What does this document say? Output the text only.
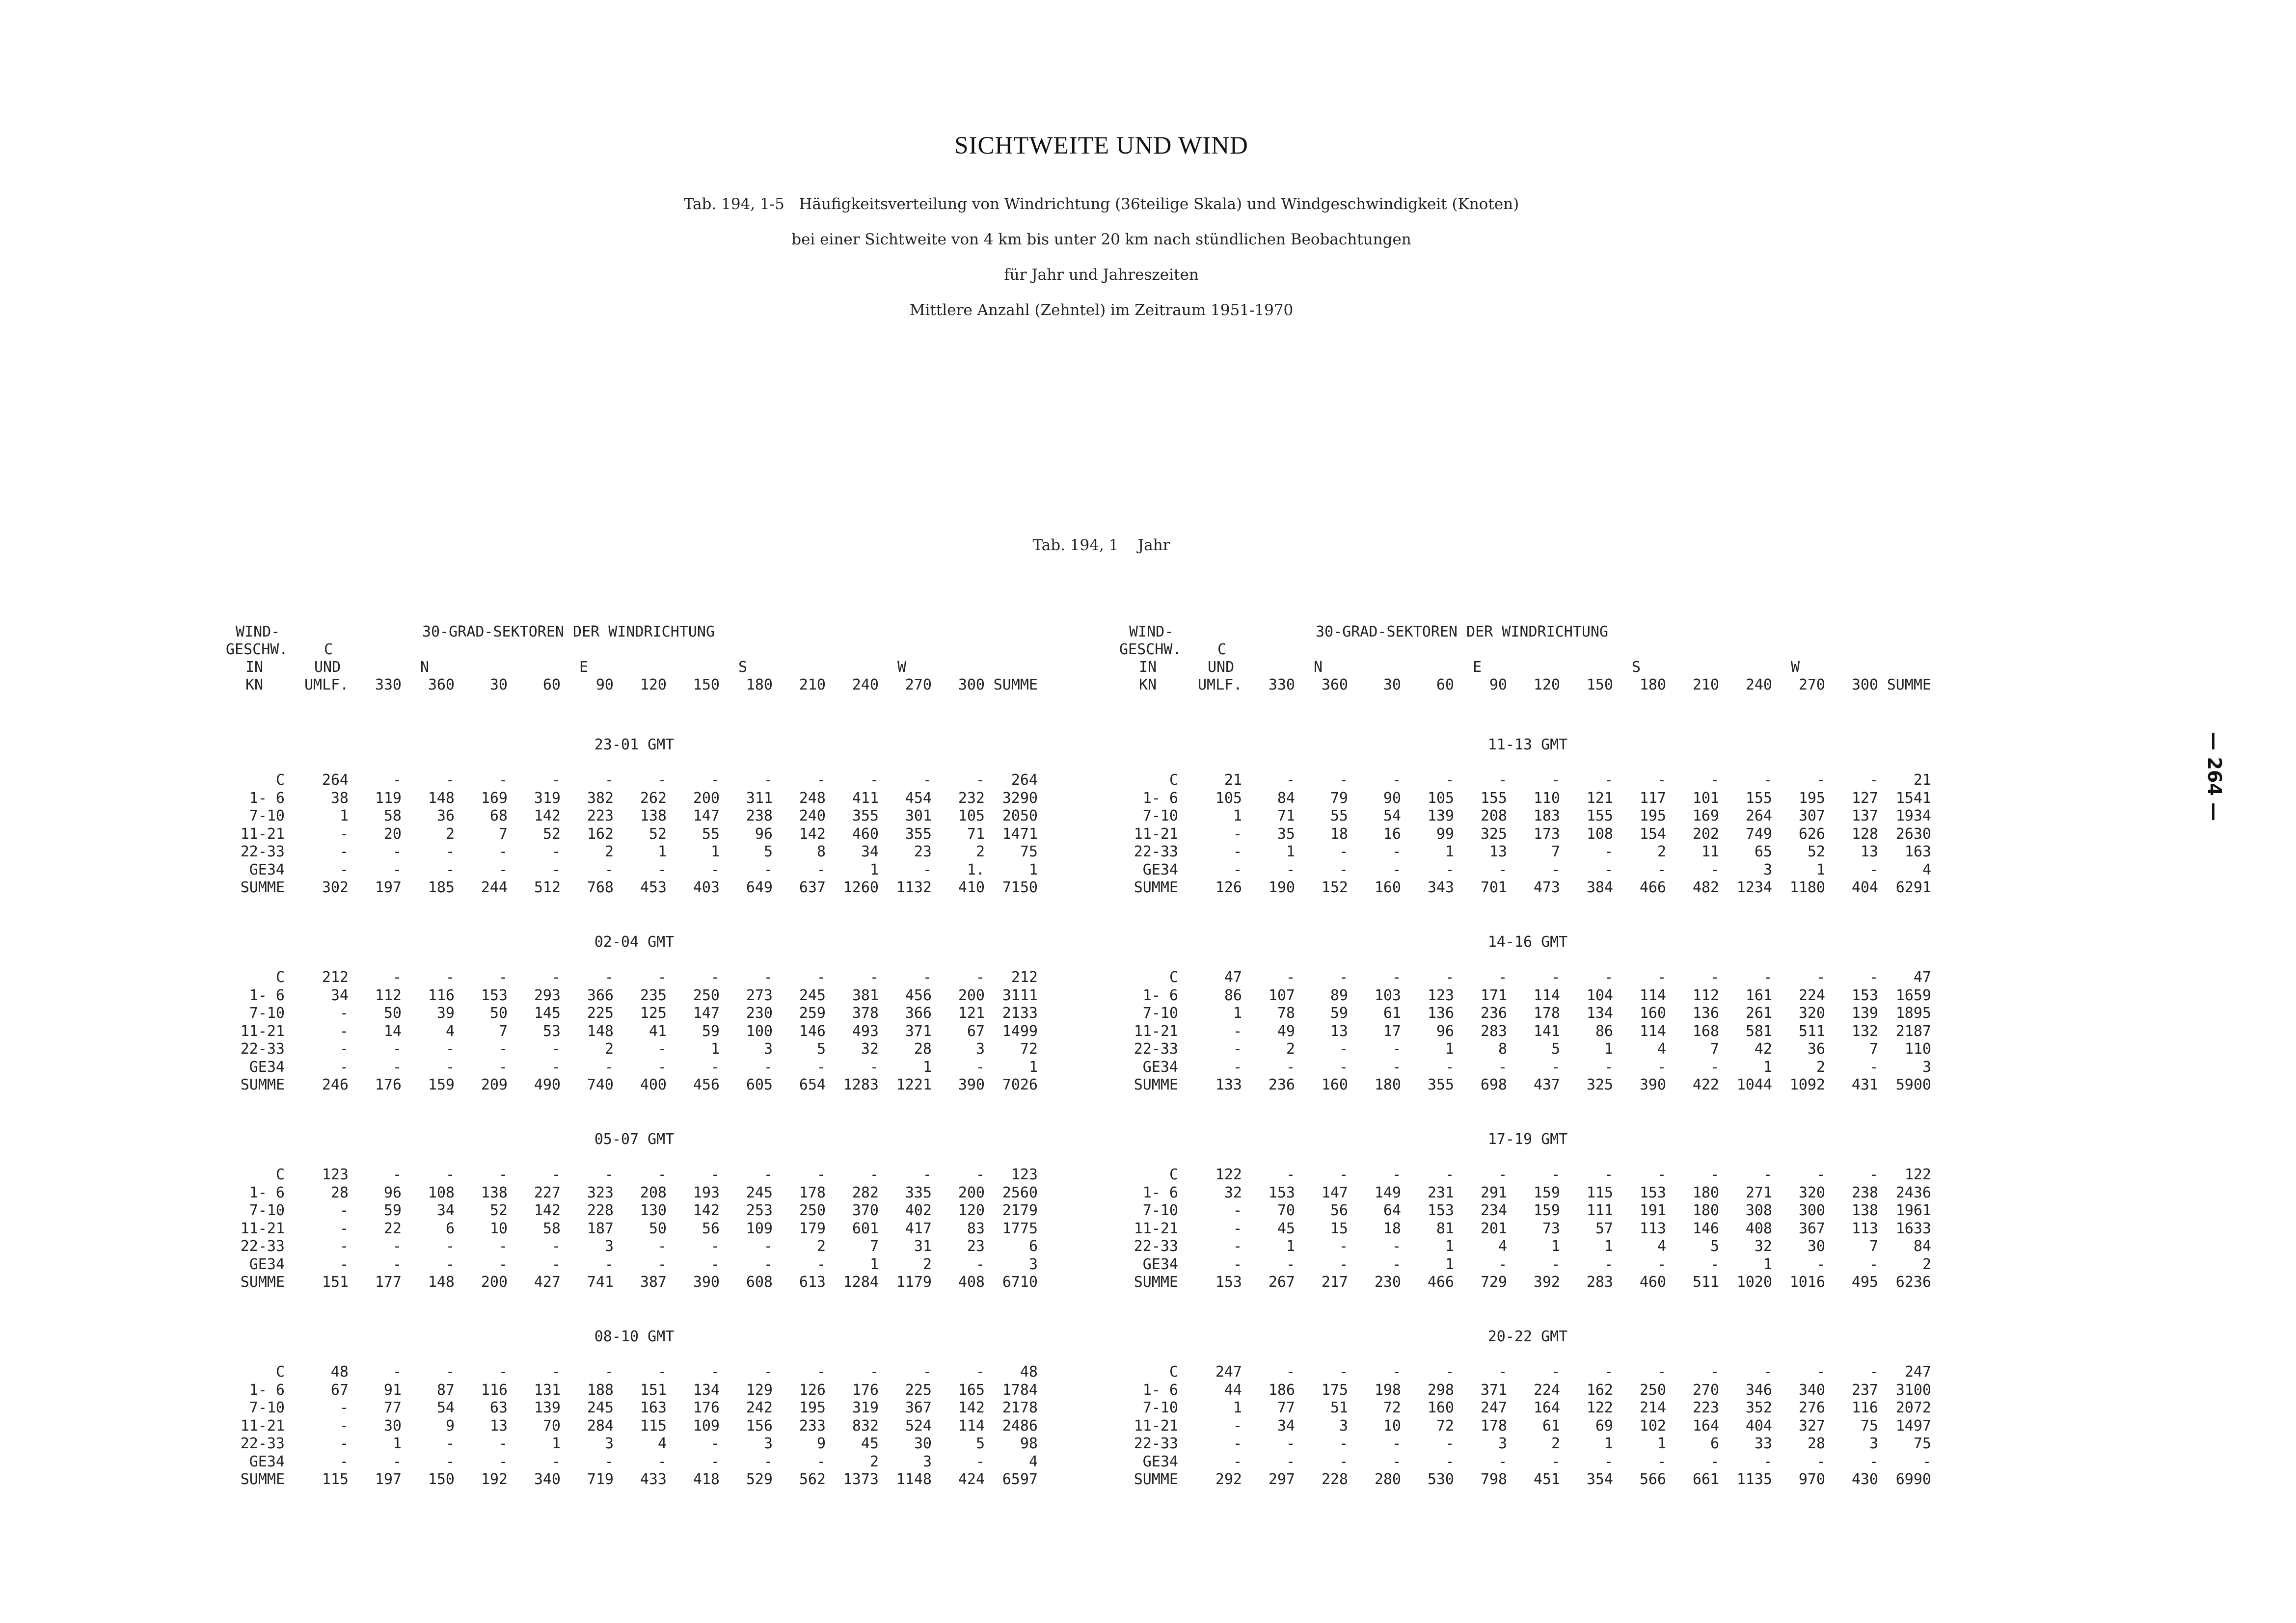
SICHTWEITE UND WIND
Tab. 194, 1-5   Häufigkeitsverteilung von Windrichtung (36teilige Skala) und Windgeschwindigkeit (Knoten)
bei einer Sichtweite von 4 km bis unter 20 km nach stündlichen Beobachtungen
für Jahr und Jahreszeiten
Mittlere Anzahl (Zehntel) im Zeitraum 1951-1970
Tab. 194, 1    Jahr
WIND-	30-GRAD-SEKTOREN DER WINDRICHTUNG
GESCHW. C
IN	UND
KN	UMLF.
N	E	S	W
330	360	30	60	90	120	150	180	210	240	270	300 SUMME
23-01 GMT
C	264	-	-	-	-	-	-	-	-	-	-	-	-	264
1- 6	38	119	148	169	319	382	262	200	311	248	411	454	232	3290
7-10	1	58	36	68	142	223	138	147	238	240	355	301	105	2050
11-21	-	20	2	7	52	162	52	55	96	142	460	355	71	1471
22-33	-	-	-	-	-	2	1	1	5	8	34	23	2	75
GE34	-	-	-	-	-	-	-	-	-	-	1	-	1.	1
SUMME	302	197	185	244	512	768	453	403	649	637	1260	1132	410	7150
02-04 GMT
C	212	-	-	-	-	-	-	-	-	-	-	-	-	212
1- 6	34	112	116	153	293	366	235	250	273	245	381	456	200	3111
7-10	-	50	39	50	145	225	125	147	230	259	378	366	121	2133
11-21	-	14	4	7	53	148	41	59	100	146	493	371	67	1499
22-33	-	-	-	-	-	2	-	1	3	5	32	28	3	72
GE34	-	-	-	-	-	-	-	-	-	-	-	1	-	1
SUMME	246	176	159	209	490	740	400	456	605	654	1283	1221	390	7026
05-07 GMT
C	123	-	-	-	-	-	-	-	-	-	-	-	-	123
1- 6	28	96	108	138	227	323	208	193	245	178	282	335	200	2560
7-10	-	59	34	52	142	228	130	142	253	250	370	402	120	2179
11-21	-	22	6	10	58	187	50	56	109	179	601	417	83	1775
22-33	-	-	-	-	-	3	-	-	-	2	7	31	23	6
GE34	-	-	-	-	-	-	-	-	-	-	1	2	-	3
SUMME	151	177	148	200	427	741	387	390	608	613	1284	1179	408	6710
08-10 GMT
C	48	-	-	-	-	-	-	-	-	-	-	-	-	48
1- 6	67	91	87	116	131	188	151	134	129	126	176	225	165	1784
7-10	-	77	54	63	139	245	163	176	242	195	319	367	142	2178
11-21	-	30	9	13	70	284	115	109	156	233	832	524	114	2486
22-33	-	1	-	-	1	3	4	-	3	9	45	30	5	98
GE34	-	-	-	-	-	-	-	-	-	-	2	3	-	4
SUMME	115	197	150	192	340	719	433	418	529	562	1373	1148	424	6597
WIND-	30-GRAD-SEKTOREN DER WINDRICHTUNG
GESCHW. C
IN	UND
KN	UMLF.
N	E	S	W
330	360	30	60	90	120	150	180	210	240	270	300 SUMME
11-13 GMT
C	21	-	-	-	-	-	-	-	-	-	-	-	-	21
1- 6	105	84	79	90	105	155	110	121	117	101	155	195	127	1541
7-10	1	71	55	54	139	208	183	155	195	169	264	307	137	1934
11-21	-	35	18	16	99	325	173	108	154	202	749	626	128	2630
22-33	-	1	-	-	1	13	7	-	2	11	65	52	13	163
GE34	-	-	-	-	-	-	-	-	-	-	3	1	-	4
SUMME	126	190	152	160	343	701	473	384	466	482	1234	1180	404	6291
14-16 GMT
C	47	-	-	-	-	-	-	-	-	-	-	-	-	47
1- 6	86	107	89	103	123	171	114	104	114	112	161	224	153	1659
7-10	1	78	59	61	136	236	178	134	160	136	261	320	139	1895
11-21	-	49	13	17	96	283	141	86	114	168	581	511	132	2187
22-33	-	2	-	-	1	8	5	1	4	7	42	36	7	110
GE34	-	-	-	-	-	-	-	-	-	-	1	2	-	3
SUMME	133	236	160	180	355	698	437	325	390	422	1044	1092	431	5900
17-19 GMT
C	122	-	-	-	-	-	-	-	-	-	-	-	-	122
1- 6	32	153	147	149	231	291	159	115	153	180	271	320	238	2436
7-10	-	70	56	64	153	234	159	111	191	180	308	300	138	1961
11-21	-	45	15	18	81	201	73	57	113	146	408	367	113	1633
22-33	-	1	-	-	1	4	1	1	4	5	32	30	7	84
GE34	-	-	-	-	1	-	-	-	-	-	1	-	-	2
SUMME	153	267	217	230	466	729	392	283	460	511	1020	1016	495	6236
20-22 GMT
C	247	-	-	-	-	-	-	-	-	-	-	-	-	247
1- 6	44	186	175	198	298	371	224	162	250	270	346	340	237	3100
7-10	1	77	51	72	160	247	164	122	214	223	352	276	116	2072
11-21	-	34	3	10	72	178	61	69	102	164	404	327	75	1497
22-33	-	-	-	-	-	3	2	1	1	6	33	28	3	75
GE34	-	-	-	-	-	-	-	-	-	-	-	-	-	-
SUMME	292	297	228	280	530	798	451	354	566	661	1135	970	430	6990
— 264 —
